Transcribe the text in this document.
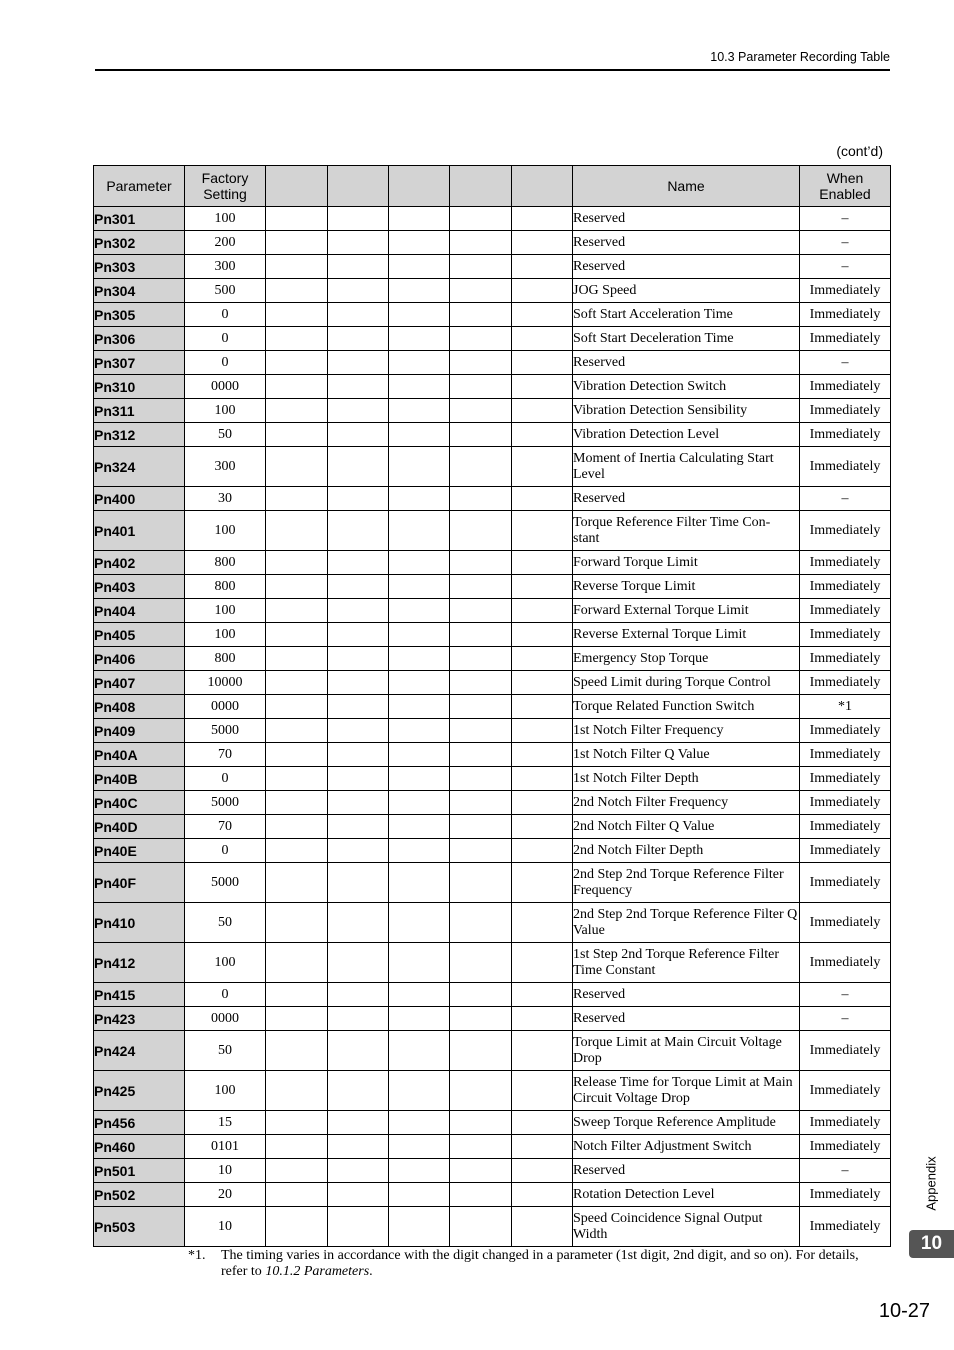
10.3 Parameter Recording Table
(cont’d)
Parameter	Factory Setting						Name	When Enabled
Pn301	100						Reserved	–
Pn302	200						Reserved	–
Pn303	300						Reserved	–
Pn304	500						JOG Speed	Immediately
Pn305	0						Soft Start Acceleration Time	Immediately
Pn306	0						Soft Start Deceleration Time	Immediately
Pn307	0						Reserved	–
Pn310	0000						Vibration Detection Switch	Immediately
Pn311	100						Vibration Detection Sensibility	Immediately
Pn312	50						Vibration Detection Level	Immediately
Pn324	300						Moment of Inertia Calculating Start Level	Immediately
Pn400	30						Reserved	–
Pn401	100						Torque Reference Filter Time Con- stant	Immediately
Pn402	800						Forward Torque Limit	Immediately
Pn403	800						Reverse Torque Limit	Immediately
Pn404	100						Forward External Torque Limit	Immediately
Pn405	100						Reverse External Torque Limit	Immediately
Pn406	800						Emergency Stop Torque	Immediately
Pn407	10000						Speed Limit during Torque Control	Immediately
Pn408	0000						Torque Related Function Switch	*1
Pn409	5000						1st Notch Filter Frequency	Immediately
Pn40A	70						1st Notch Filter Q Value	Immediately
Pn40B	0						1st Notch Filter Depth	Immediately
Pn40C	5000						2nd Notch Filter Frequency	Immediately
Pn40D	70						2nd Notch Filter Q Value	Immediately
Pn40E	0						2nd Notch Filter Depth	Immediately
Pn40F	5000						2nd Step 2nd Torque Reference Filter Frequency	Immediately
Pn410	50						2nd Step 2nd Torque Reference Filter Q Value	Immediately
Pn412	100						1st Step 2nd Torque Reference Filter Time Constant	Immediately
Pn415	0						Reserved	–
Pn423	0000						Reserved	–
Pn424	50						Torque Limit at Main Circuit Voltage Drop	Immediately
Pn425	100						Release Time for Torque Limit at Main Circuit Voltage Drop	Immediately
Pn456	15						Sweep Torque Reference Amplitude	Immediately
Pn460	0101						Notch Filter Adjustment Switch	Immediately
Pn501	10						Reserved	–
Pn502	20						Rotation Detection Level	Immediately
Pn503	10						Speed Coincidence Signal Output Width	Immediately
*1. The timing varies in accordance with the digit changed in a parameter (1st digit, 2nd digit, and so on). For details, refer to 10.1.2 Parameters.
Appendix
10
10-27
